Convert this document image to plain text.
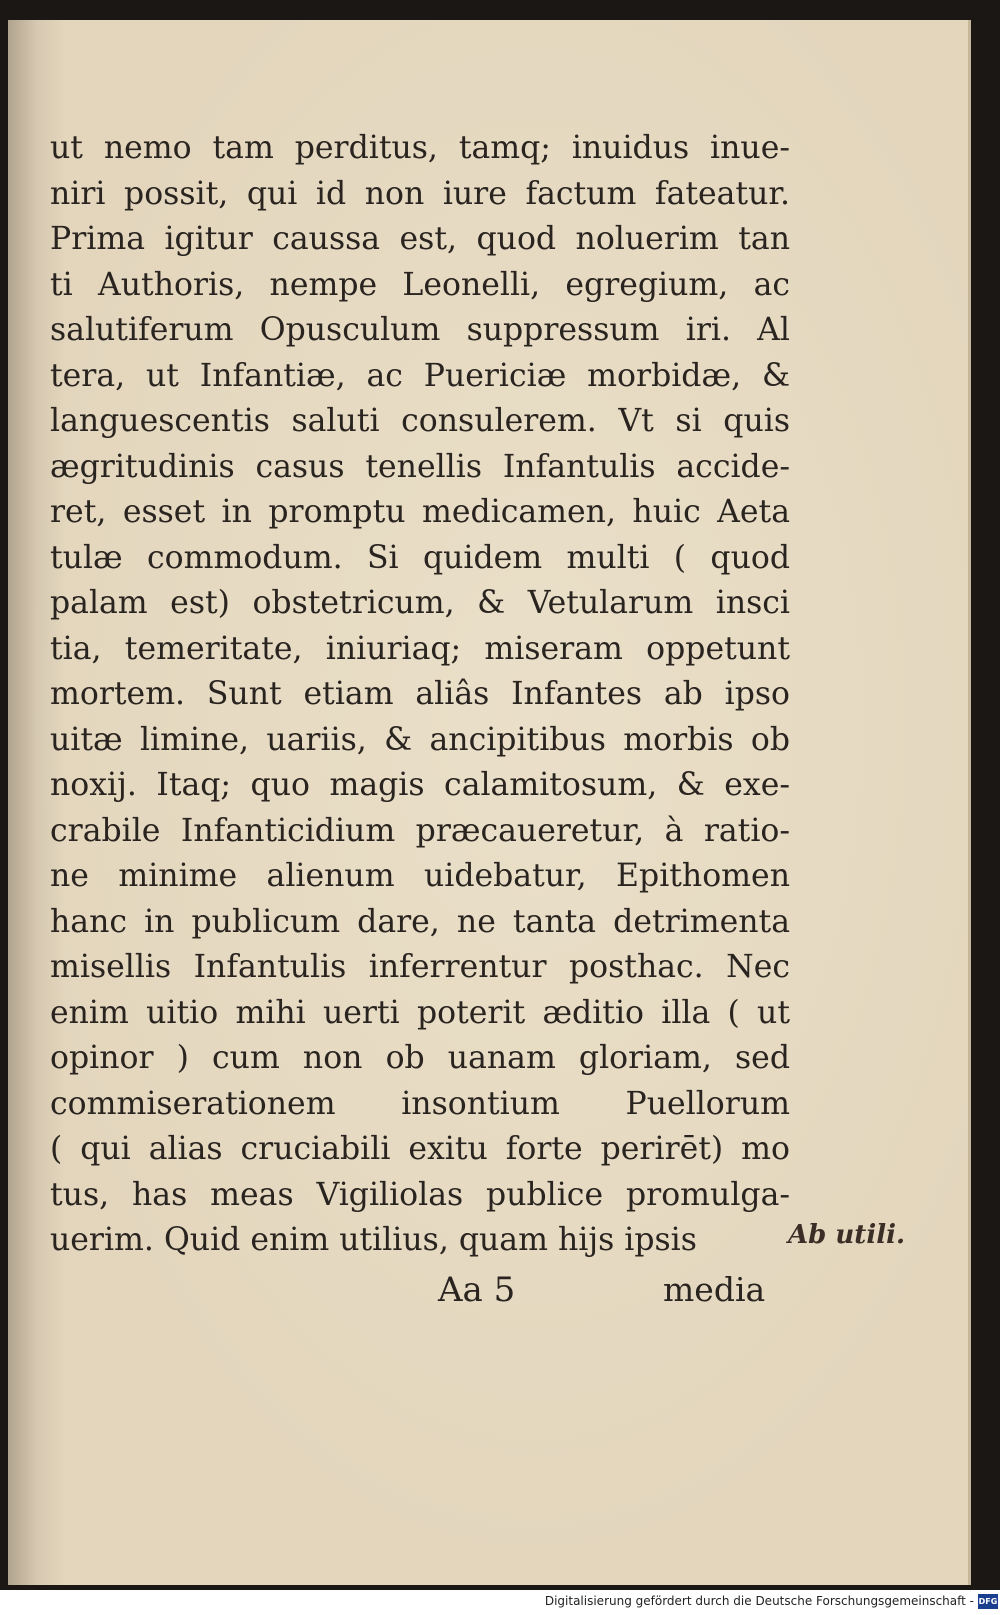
ut nemo tam perditus, tamq; inuidus inue-
niri possit, qui id non iure factum fateatur.
Prima igitur caussa est, quod noluerim tan
ti Authoris, nempe Leonelli, egregium, ac
salutiferum Opusculum suppressum iri. Al
tera, ut Infantiæ, ac Puericiæ morbidæ, &
languescentis saluti consulerem. Vt si quis
ægritudinis casus tenellis Infantulis accide-
ret, esset in promptu medicamen, huic Aeta
tulæ commodum. Si quidem multi ( quod
palam est) obstetricum, & Vetularum insci
tia, temeritate, iniuriaq; miseram oppetunt
mortem. Sunt etiam aliâs Infantes ab ipso
uitæ limine, uariis, & ancipitibus morbis ob
noxij. Itaq; quo magis calamitosum, & exe-
crabile Infanticidium præcaueretur, à ratio-
ne minime alienum uidebatur, Epithomen
hanc in publicum dare, ne tanta detrimenta
misellis Infantulis inferrentur posthac. Nec
enim uitio mihi uerti poterit æditio illa ( ut
opinor ) cum non ob uanam gloriam, sed
commiserationem insontium Puellorum
( qui alias cruciabili exitu forte perirēt) mo
tus, has meas Vigiliolas publice promulga-
uerim. Quid enim utilius, quam hijs ipsis	Ab utili.
Aa 5	media
Digitalisierung gefördert durch die Deutsche Forschungsgemeinschaft - DFG
